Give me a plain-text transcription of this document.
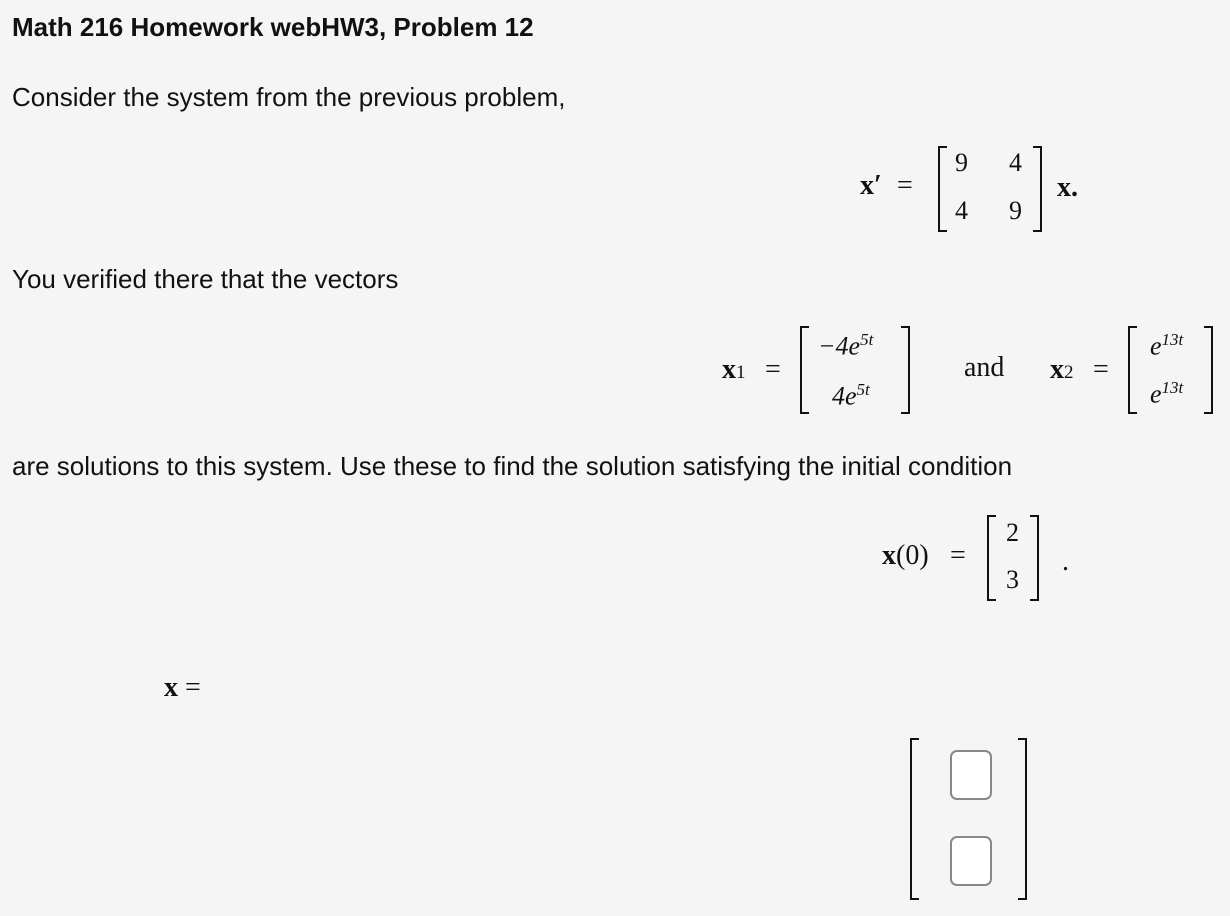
Math 216 Homework webHW3, Problem 12
Consider the system from the previous problem,
x′ =
9 4
4 9
x.
You verified there that the vectors
x1 =
$-4e^{5t}$
$4e^{5t}$
and x2 =
$e^{13t}$
$e^{13t}$
are solutions to this system. Use these to find the solution satisfying the initial condition
x(0) =
2
3
.
x =
